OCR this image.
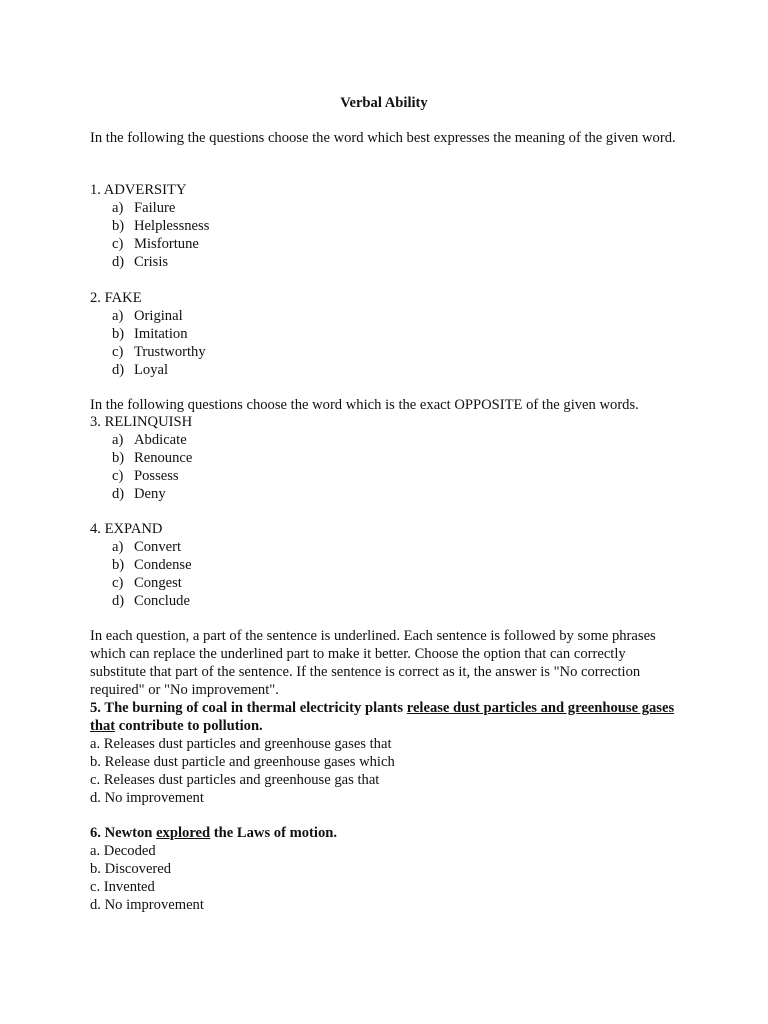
Verbal Ability

In the following the questions choose the word which best expresses the meaning of the given word.

1. ADVERSITY
a) Failure
b) Helplessness
c) Misfortune
d) Crisis
2. FAKE
a) Original
b) Imitation
c) Trustworthy
d) Loyal

In the following questions choose the word which is the exact OPPOSITE of the given words.

3. RELINQUISH
a) Abdicate
b) Renounce
c) Possess
d) Deny
4. EXPAND
a) Convert
b) Condense
c) Congest
d) Conclude

In each question, a part of the sentence is underlined. Each sentence is followed by some phrases which can replace the underlined part to make it better. Choose the option that can correctly substitute that part of the sentence. If the sentence is correct as it, the answer is "No correction required" or "No improvement".

5. The burning of coal in thermal electricity plants release dust particles and greenhouse gases that contribute to pollution.
a. Releases dust particles and greenhouse gases that
b. Release dust particle and greenhouse gases which
c. Releases dust particles and greenhouse gas that
d. No improvement
6. Newton explored the Laws of motion.
a. Decoded
b. Discovered
c. Invented
d. No improvement
